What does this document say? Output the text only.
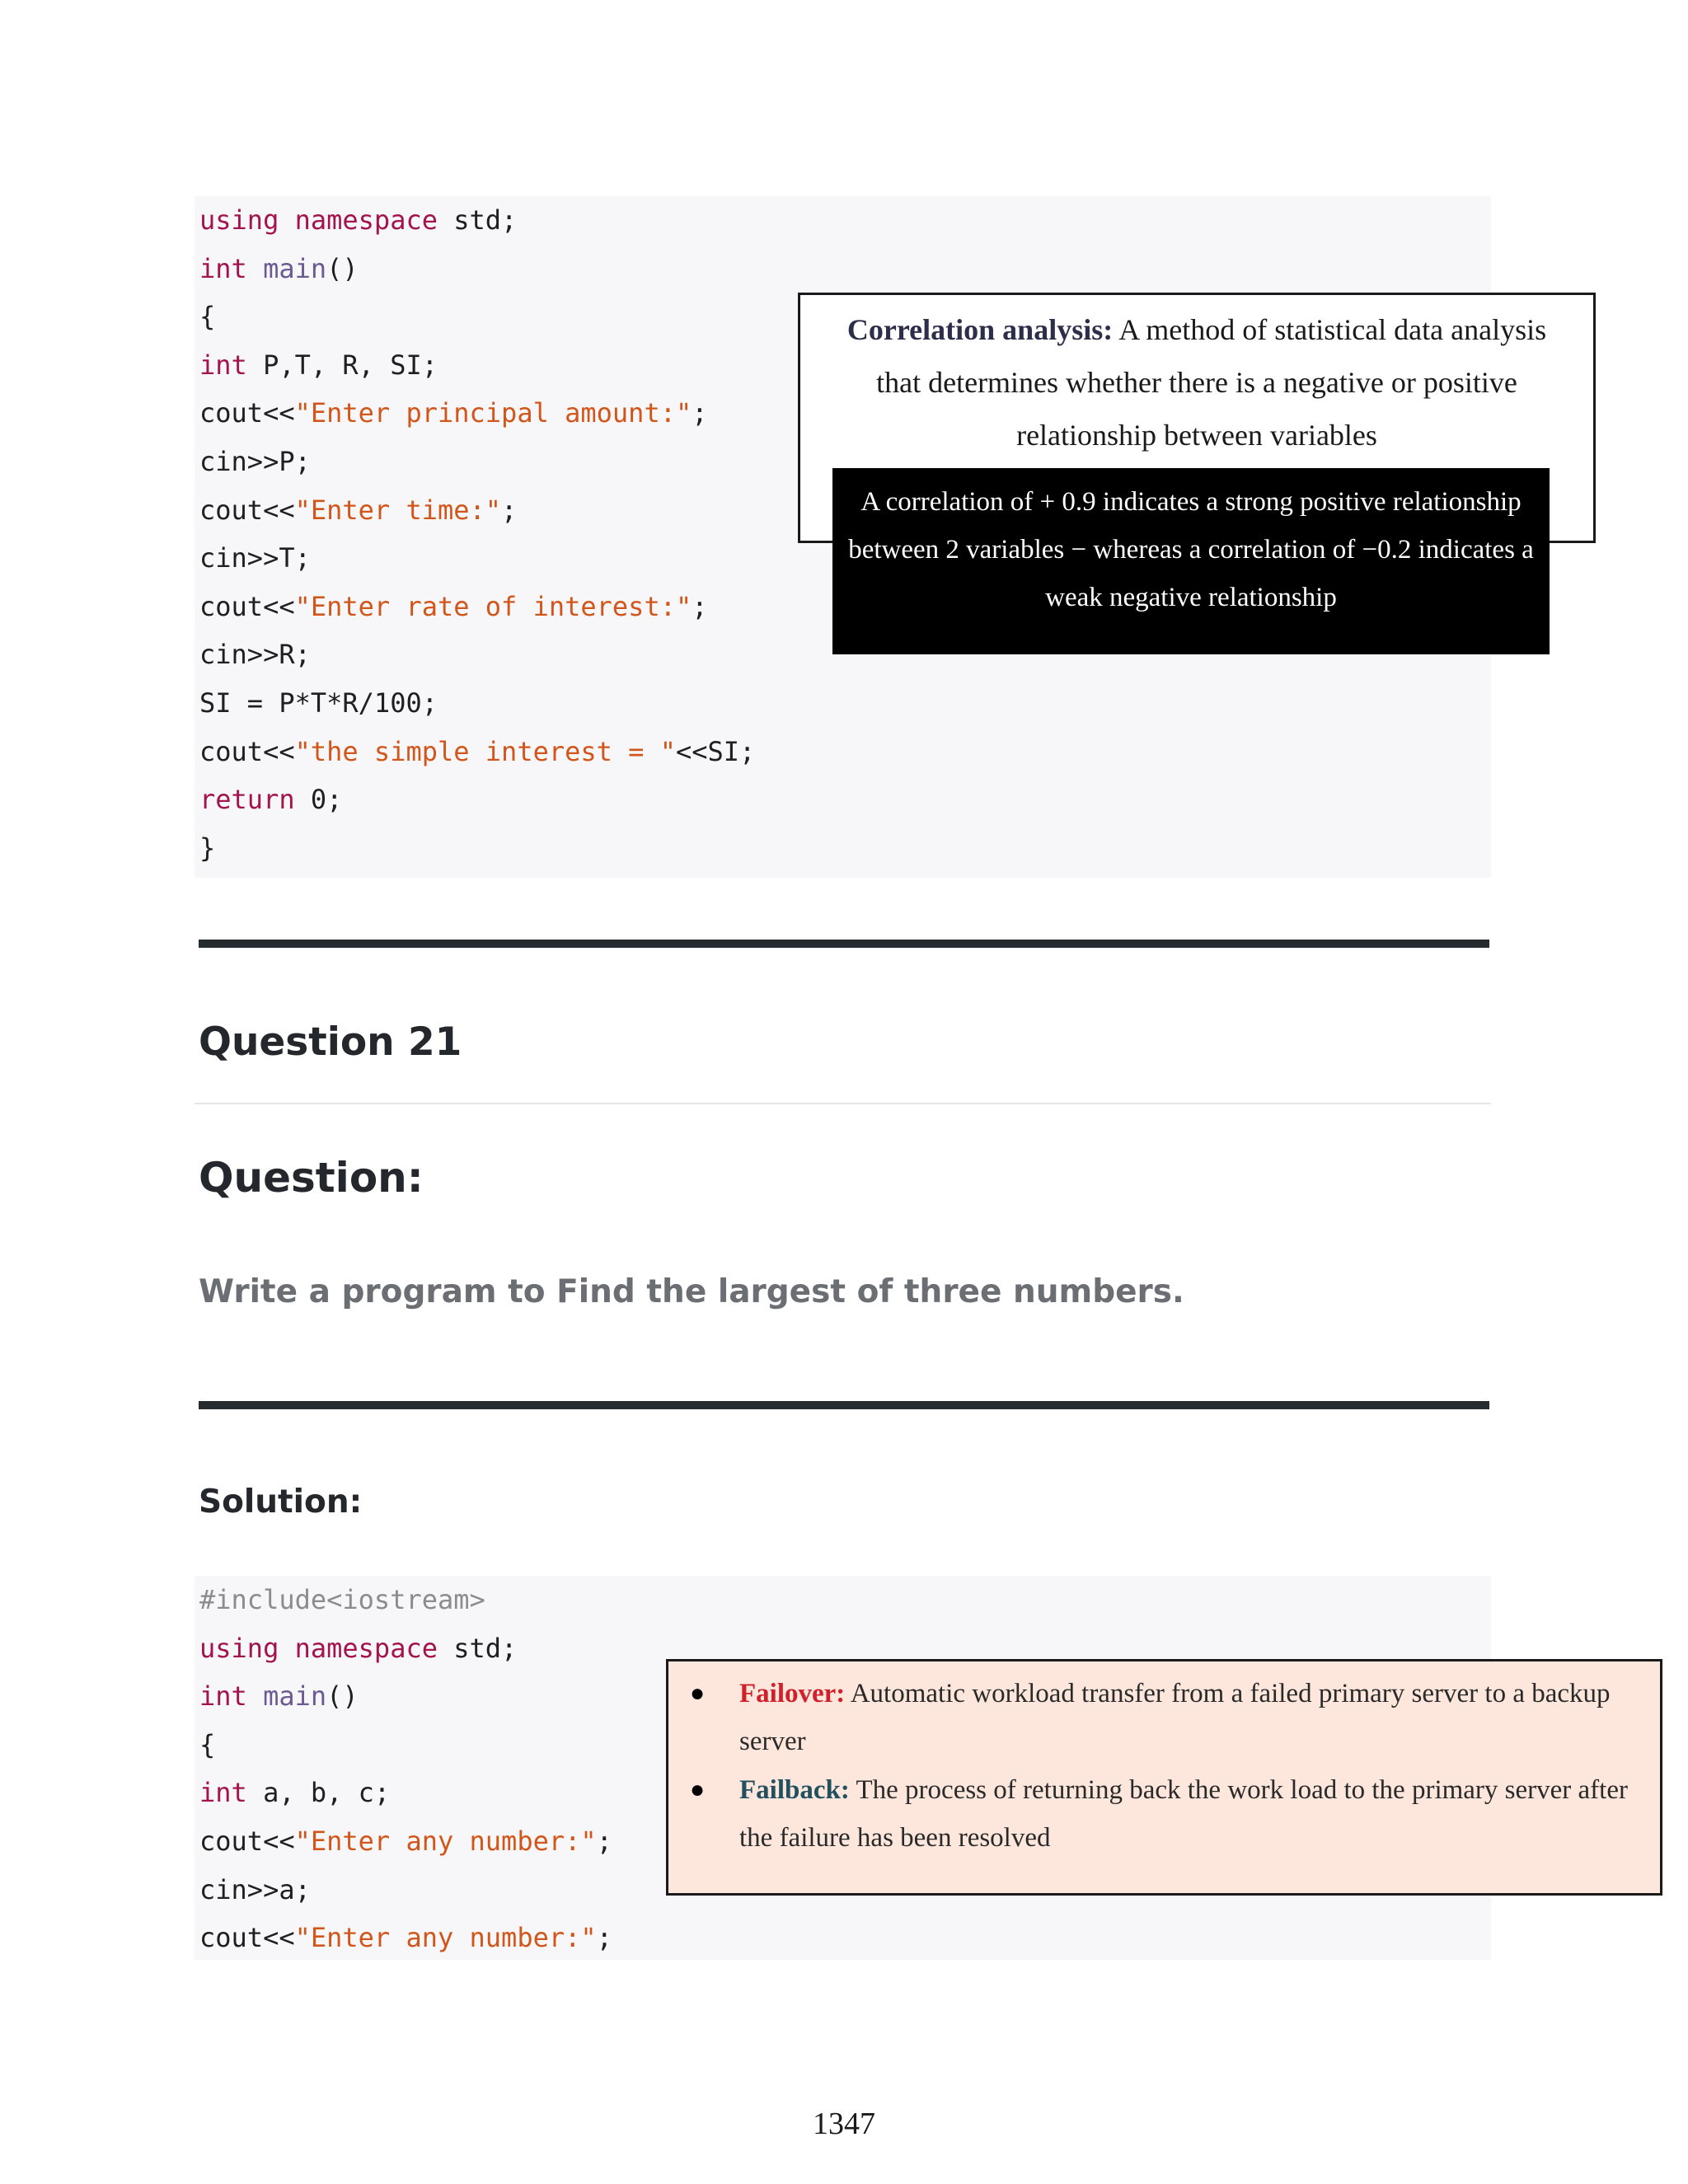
using namespace std;
int main()
{
int P,T, R, SI;
cout<<"Enter principal amount:";
cin>>P;
cout<<"Enter time:";
cin>>T;
cout<<"Enter rate of interest:";
cin>>R;
SI = P*T*R/100;
cout<<"the simple interest = "<<SI;
return 0;
}
Correlation analysis: A method of statistical data analysis that determines whether there is a negative or positive relationship between variables
A correlation of + 0.9 indicates a strong positive relationship between 2 variables − whereas a correlation of −0.2 indicates a weak negative relationship
Question 21
Question:
Write a program to Find the largest of three numbers.
Solution:
#include<iostream>
using namespace std;
int main()
{
int a, b, c;
cout<<"Enter any number:";
cin>>a;
cout<<"Enter any number:";
● Failover: Automatic workload transfer from a failed primary server to a backup server
● Failback: The process of returning back the work load to the primary server after the failure has been resolved
1347
